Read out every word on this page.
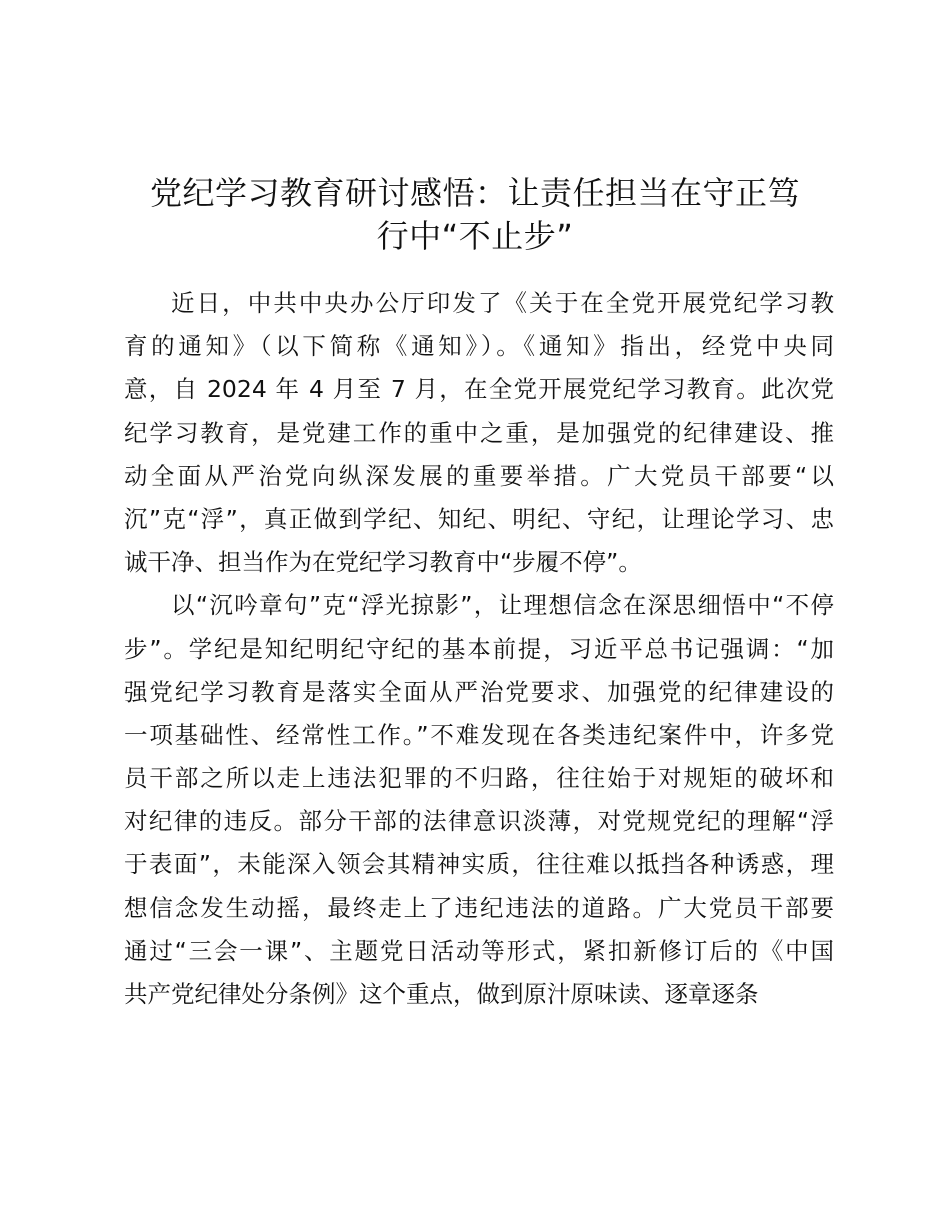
党纪学习教育研讨感悟：让责任担当在守正笃
行中“不止步”
近日，中共中央办公厅印发了《关于在全党开展党纪学习教
育的通知》（以下简称《通知》）。《通知》指出，经党中央同
意，自 2024 年 4 月至 7 月，在全党开展党纪学习教育。此次党
纪学习教育，是党建工作的重中之重，是加强党的纪律建设、推
动全面从严治党向纵深发展的重要举措。广大党员干部要“以
沉”克“浮”，真正做到学纪、知纪、明纪、守纪，让理论学习、忠
诚干净、担当作为在党纪学习教育中“步履不停”。
以“沉吟章句”克“浮光掠影”，让理想信念在深思细悟中“不停
步”。学纪是知纪明纪守纪的基本前提，习近平总书记强调：“加
强党纪学习教育是落实全面从严治党要求、加强党的纪律建设的
一项基础性、经常性工作。”不难发现在各类违纪案件中，许多党
员干部之所以走上违法犯罪的不归路，往往始于对规矩的破坏和
对纪律的违反。部分干部的法律意识淡薄，对党规党纪的理解“浮
于表面”，未能深入领会其精神实质，往往难以抵挡各种诱惑，理
想信念发生动摇，最终走上了违纪违法的道路。广大党员干部要
通过“三会一课”、主题党日活动等形式，紧扣新修订后的《中国
共产党纪律处分条例》这个重点，做到原汁原味读、逐章逐条
